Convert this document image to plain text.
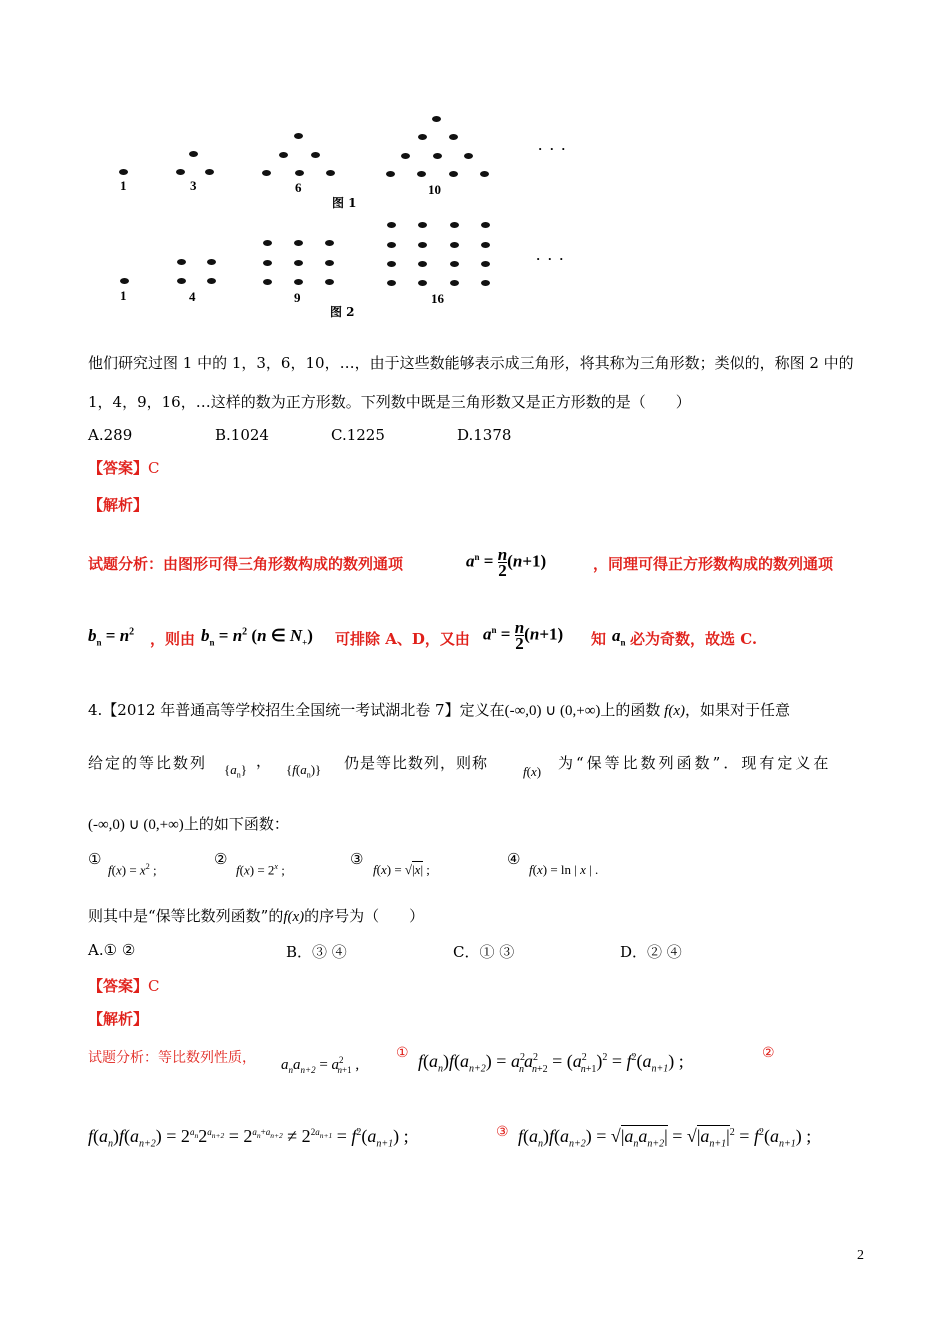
1	3	6	10
· · ·
图 1
1	4	9	16
· · ·
图 2
他们研究过图 1 中的 1，3，6，10，…，由于这些数能够表示成三角形，将其称为三角形数；类似的，称图 2 中的
1，4，9，16，…这样的数为正方形数。下列数中既是三角形数又是正方形数的是（　　）
A.289	B.1024	C.1225	D.1378
【答案】C
【解析】
试题分析：由图形可得三角形数构成的数列通项	$a^n = \frac{n}{2} (n+1)$	，同理可得正方形数构成的数列通项
$b_n = n^2$ ，则由 $b_n = n^2$ (n ∈ $N_+$) 可排除 A、D，又由 $a^n = \frac{n}{2} (n+1)$ 知 $a_n$ 必为奇数，故选 C.
4.【2012 年普通高等学校招生全国统一考试湖北卷 7】定义在(-∞,0) ∪ (0,+∞)上的函数 f(x)，如果对于任意
给定的等比数列 $\{a_n\}$ ， $\{f(a_n)\}$ 仍是等比数列，则称	f(x) 为“保等比数列函数”．现有定义在
(-∞,0) ∪ (0,+∞)上的如下函数：
①
$f(x) = x^2$ ;
②
$f(x) = 2^x$ ;
③
f(x) = √|x| ;
④
f(x) = ln | x | .
则其中是“保等比数列函数”的f(x)的序号为（　　）
A.① ②	B．③ ④	C．① ③	D．② ④
【答案】C
【解析】
试题分析：等比数列性质， $a_na_{n+2} = a^2_{n+1}$ ,
① $f(a_n)f(a_{n+2}) = a^2_na^2_{n+2} = (a^2_{n+1})^2 = f^2(a_{n+1})$ ;	②
$f(a_n)f(a_{n+2}) = 2^{a_n}2^{a_{n+2}} = 2^{a_n+a_{n+2}} \ne 2^{2a_{n+1}} = f^2(a_{n+1})$ ;	③ $f(a_n)f(a_{n+2}) = √|a_na_{n+2}| = √|a_{n+1}|^2 = f^2(a_{n+1})$ ;
2
